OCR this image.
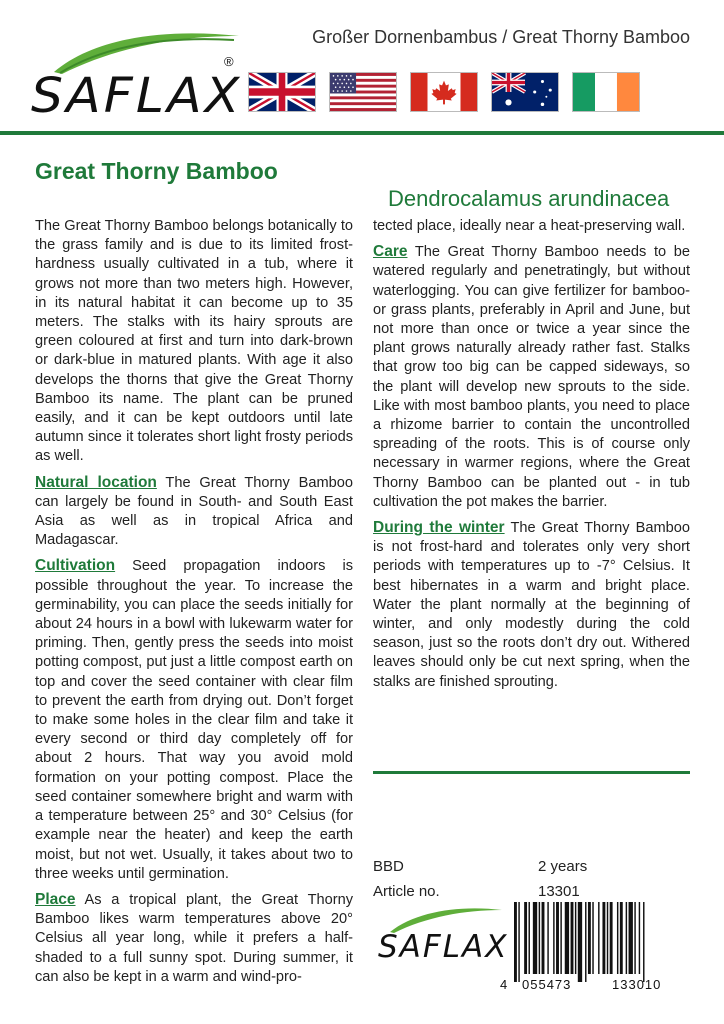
SAFLAX
®
Großer Dornenbambus / Great Thorny Bamboo
Great Thorny Bamboo
Dendrocalamus arundinacea

The Great Thorny Bamboo belongs botanically to the grass family and is due to its limited frost-hardness usually cultivated in a tub, where it grows not more than two meters high. However, in its natural habitat it can become up to 35 meters. The stalks with its hairy sprouts are green coloured at first and turn into dark-brown or dark-blue in matured plants. With age it also develops the thorns that give the Great Thorny Bamboo its name. The plant can be pruned easily, and it can be kept outdoors until late autumn since it tolerates short light frosty periods as well.

Natural location The Great Thorny Bamboo can largely be found in South- and South East Asia as well as in tropical Africa and Madagascar.

Cultivation Seed propagation indoors is possible throughout the year. To increase the germinability, you can place the seeds initially for about 24 hours in a bowl with lukewarm water for priming. Then, gently press the seeds into moist potting compost, put just a little compost earth on top and cover the seed container with clear film to prevent the earth from drying out. Don’t forget to make some holes in the clear film and take it every second or third day completely off for about 2 hours. That way you avoid mold formation on your potting compost. Place the seed container somewhere bright and warm with a temperature between 25° and 30° Celsius (for example near the heater) and keep the earth moist, but not wet. Usually, it takes about two to three weeks until germination.

Place As a tropical plant, the Great Thorny Bamboo likes warm temperatures above 20° Celsius all year long, while it prefers a half-shaded to a full sunny spot. During summer, it can also be kept in a warm and wind-pro-

tected place, ideally near a heat-preserving wall.

Care The Great Thorny Bamboo needs to be watered regularly and penetratingly, but without waterlogging. You can give fertilizer for bamboo- or grass plants, preferably in April and June, but not more than once or twice a year since the plant grows naturally already rather fast. Stalks that grow too big can be capped sideways, so the plant will develop new sprouts to the side. Like with most bamboo plants, you need to place a rhizome barrier to contain the uncontrolled spreading of the roots. This is of course only necessary in warmer regions, where the Great Thorny Bamboo can be planted out - in tub cultivation the pot makes the barrier.

During the winter The Great Thorny Bamboo is not frost-hard and tolerates only very short periods with temperatures up to -7° Celsius. It best hibernates in a warm and bright place. Water the plant normally at the beginning of winter, and only modestly during the cold season, just so the roots don’t dry out. Withered leaves should only be cut next spring, when the stalks are finished sprouting.

BBD	2 years
Article no.	13301
SAFLAX
4 055473	133010
